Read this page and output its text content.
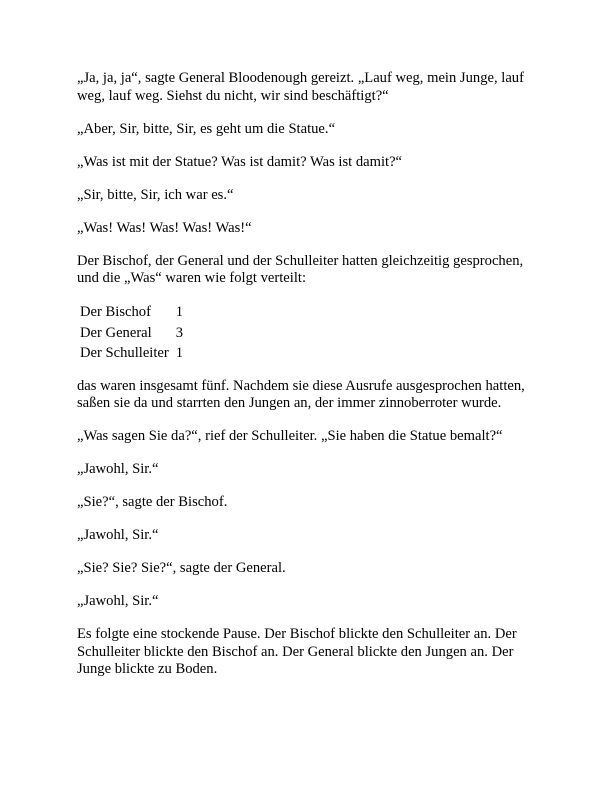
„Ja, ja, ja“, sagte General Bloodenough gereizt. „Lauf weg, mein Junge, lauf weg, lauf weg. Siehst du nicht, wir sind beschäftigt?“

„Aber, Sir, bitte, Sir, es geht um die Statue.“

„Was ist mit der Statue? Was ist damit? Was ist damit?“

„Sir, bitte, Sir, ich war es.“

„Was! Was! Was! Was! Was!“

Der Bischof, der General und der Schulleiter hatten gleichzeitig gesprochen, und die „Was“ waren wie folgt verteilt:

Der Bischof	1
Der General	3
Der Schulleiter	1

das waren insgesamt fünf. Nachdem sie diese Ausrufe ausgesprochen hatten, saßen sie da und starrten den Jungen an, der immer zinnoberroter wurde.

„Was sagen Sie da?“, rief der Schulleiter. „Sie haben die Statue bemalt?“

„Jawohl, Sir.“

„Sie?“, sagte der Bischof.

„Jawohl, Sir.“

„Sie? Sie? Sie?“, sagte der General.

„Jawohl, Sir.“

Es folgte eine stockende Pause. Der Bischof blickte den Schulleiter an. Der Schulleiter blickte den Bischof an. Der General blickte den Jungen an. Der Junge blickte zu Boden.
